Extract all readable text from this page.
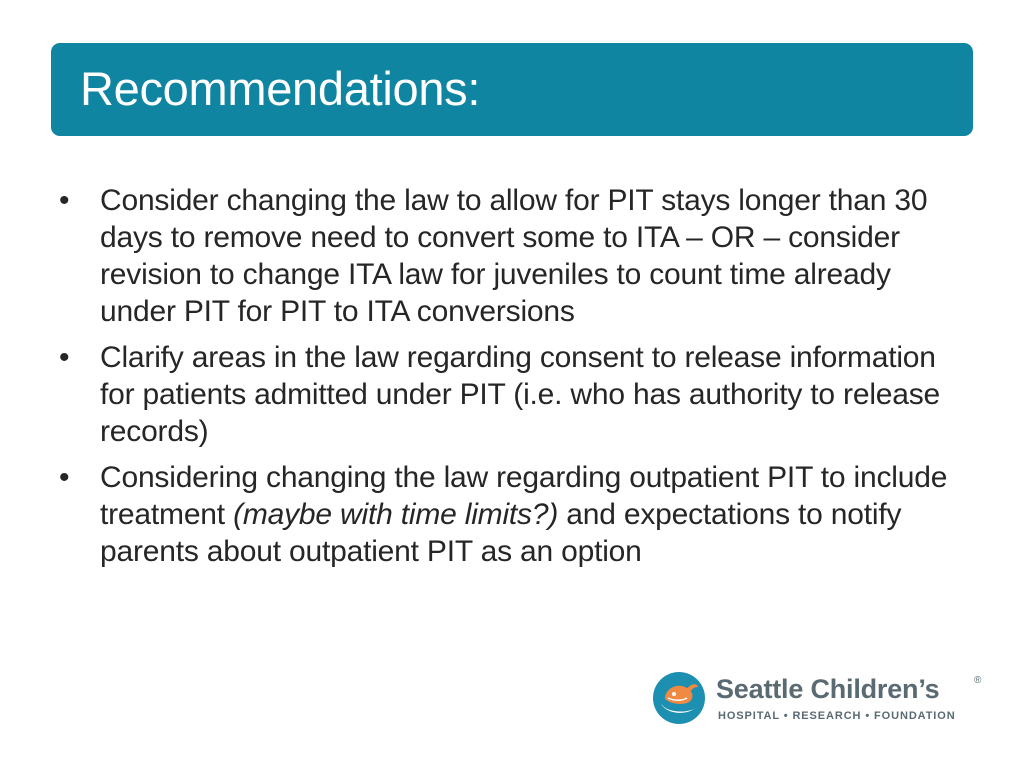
Recommendations:
• Consider changing the law to allow for PIT stays longer than 30 days to remove need to convert some to ITA – OR – consider revision to change ITA law for juveniles to count time already under PIT for PIT to ITA conversions
• Clarify areas in the law regarding consent to release information for patients admitted under PIT (i.e. who has authority to release records)
• Considering changing the law regarding outpatient PIT to include treatment (maybe with time limits?) and expectations to notify parents about outpatient PIT as an option
Seattle Children’s	®
HOSPITAL • RESEARCH • FOUNDATION
